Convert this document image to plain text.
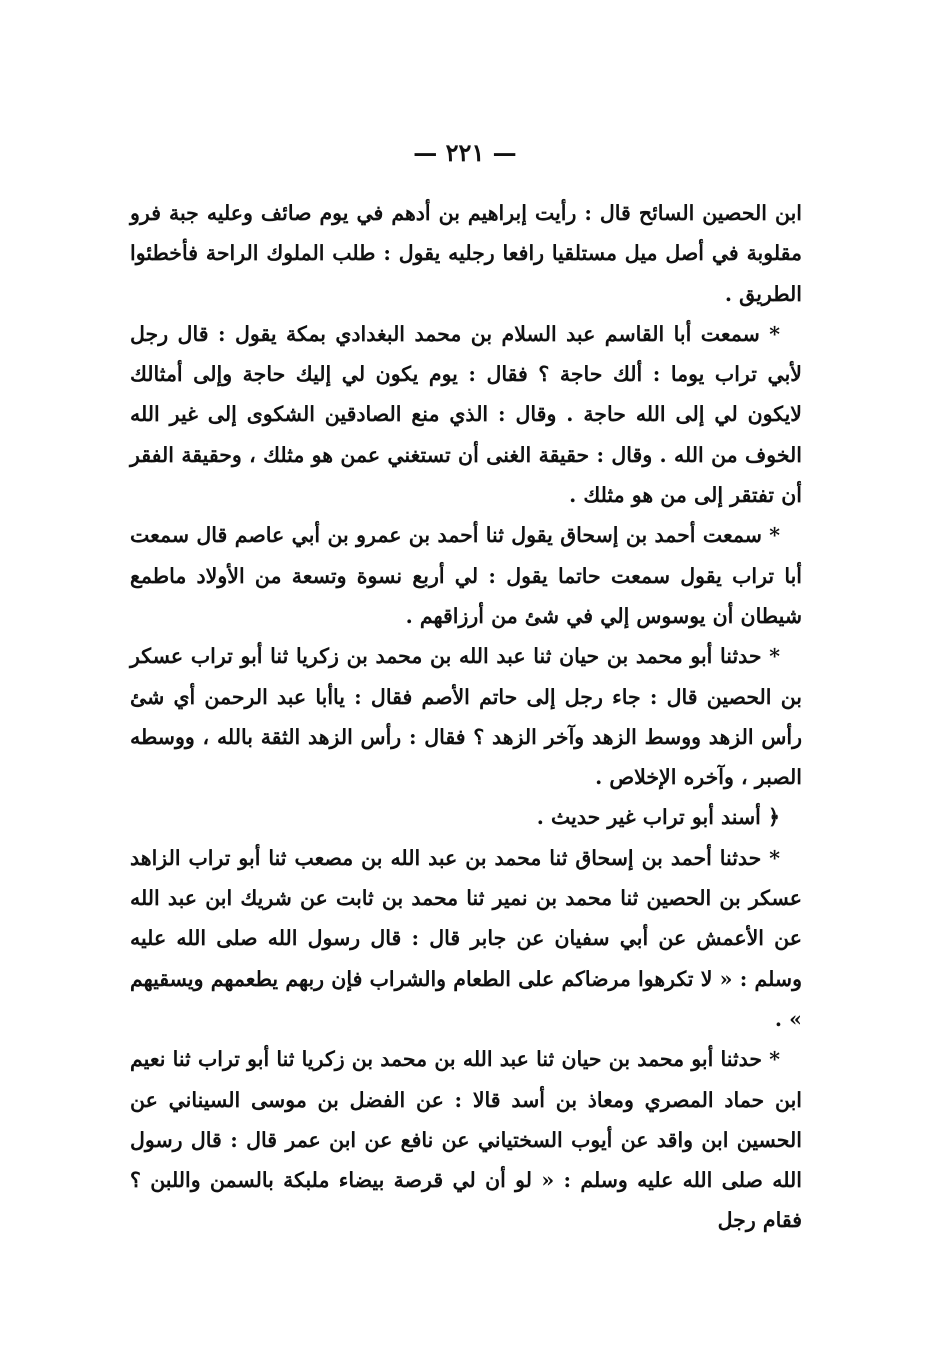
— ٢٢١ —

ابن الحصين السائح قال : رأيت إبراهيم بن أدهم في يوم صائف وعليه جبة فرو مقلوبة في أصل ميل مستلقيا رافعا رجليه يقول : طلب الملوك الراحة فأخطئوا الطريق .

* سمعت أبا القاسم عبد السلام بن محمد البغدادي بمكة يقول : قال رجل لأبي تراب يوما : ألك حاجة ؟ فقال : يوم يكون لي إليك حاجة وإلى أمثالك لايكون لي إلى الله حاجة . وقال : الذي منع الصادقين الشكوى إلى غير الله الخوف من الله . وقال : حقيقة الغنى أن تستغني عمن هو مثلك ، وحقيقة الفقر أن تفتقر إلى من هو مثلك .

* سمعت أحمد بن إسحاق يقول ثنا أحمد بن عمرو بن أبي عاصم قال سمعت أبا تراب يقول سمعت حاتما يقول : لي أربع نسوة وتسعة من الأولاد ماطمع شيطان أن يوسوس إلي في شئ من أرزاقهم .

* حدثنا أبو محمد بن حيان ثنا عبد الله بن محمد بن زكريا ثنا أبو تراب عسكر بن الحصين قال : جاء رجل إلى حاتم الأصم فقال : ياأبا عبد الرحمن أي شئ رأس الزهد ووسط الزهد وآخر الزهد ؟ فقال : رأس الزهد الثقة بالله ، ووسطه الصبر ، وآخره الإخلاص .

﴿ أسند أبو تراب غير حديث .

* حدثنا أحمد بن إسحاق ثنا محمد بن عبد الله بن مصعب ثنا أبو تراب الزاهد عسكر بن الحصين ثنا محمد بن نمير ثنا محمد بن ثابت عن شريك ابن عبد الله عن الأعمش عن أبي سفيان عن جابر قال : قال رسول الله صلى الله عليه وسلم : « لا تكرهوا مرضاكم على الطعام والشراب فإن ربهم يطعمهم ويسقيهم » .

* حدثنا أبو محمد بن حيان ثنا عبد الله بن محمد بن زكريا ثنا أبو تراب ثنا نعيم ابن حماد المصري ومعاذ بن أسد قالا : عن الفضل بن موسى السيناني عن الحسين ابن واقد عن أيوب السختياني عن نافع عن ابن عمر قال : قال رسول الله صلى الله عليه وسلم : « لو أن لي قرصة بيضاء ملبكة بالسمن واللبن ؟ فقام رجل
